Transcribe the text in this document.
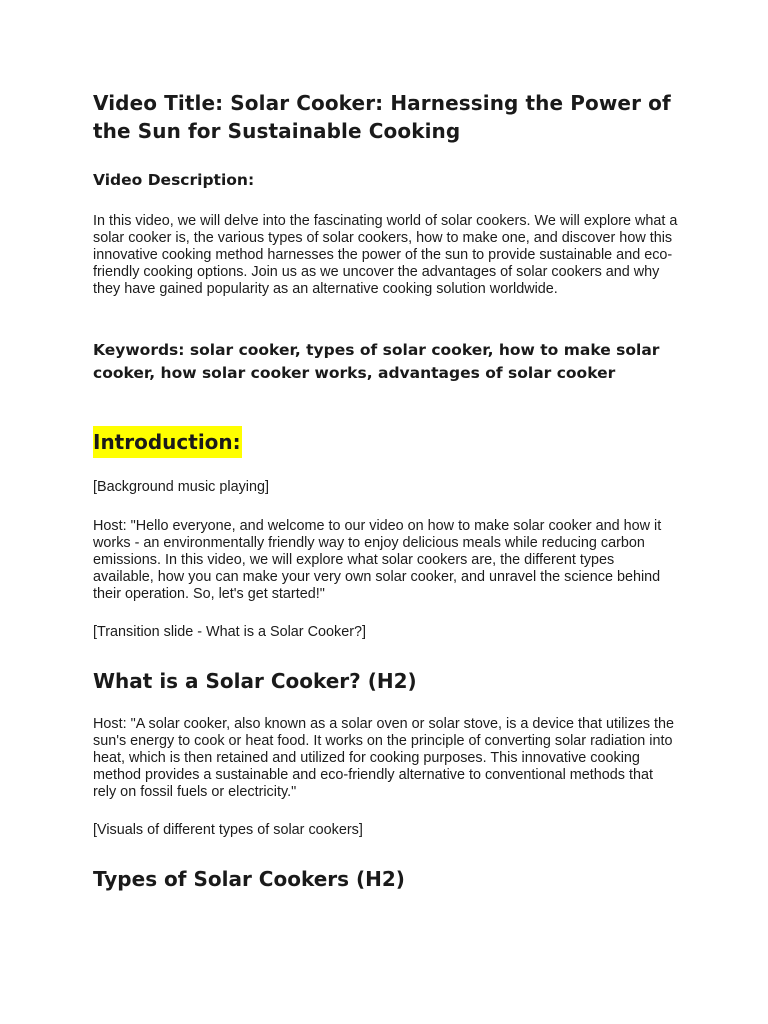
Video Title: Solar Cooker: Harnessing the Power of the Sun for Sustainable Cooking
Video Description:

In this video, we will delve into the fascinating world of solar cookers. We will explore what a solar cooker is, the various types of solar cookers, how to make one, and discover how this innovative cooking method harnesses the power of the sun to provide sustainable and eco-friendly cooking options. Join us as we uncover the advantages of solar cookers and why they have gained popularity as an alternative cooking solution worldwide.

Keywords: solar cooker, types of solar cooker, how to make solar cooker, how solar cooker works, advantages of solar cooker

Introduction:

[Background music playing]

Host: "Hello everyone, and welcome to our video on how to make solar cooker and how it works - an environmentally friendly way to enjoy delicious meals while reducing carbon emissions. In this video, we will explore what solar cookers are, the different types available, how you can make your very own solar cooker, and unravel the science behind their operation. So, let's get started!"

[Transition slide - What is a Solar Cooker?]

What is a Solar Cooker? (H2)

Host: "A solar cooker, also known as a solar oven or solar stove, is a device that utilizes the sun's energy to cook or heat food. It works on the principle of converting solar radiation into heat, which is then retained and utilized for cooking purposes. This innovative cooking method provides a sustainable and eco-friendly alternative to conventional methods that rely on fossil fuels or electricity."

[Visuals of different types of solar cookers]

Types of Solar Cookers (H2)
